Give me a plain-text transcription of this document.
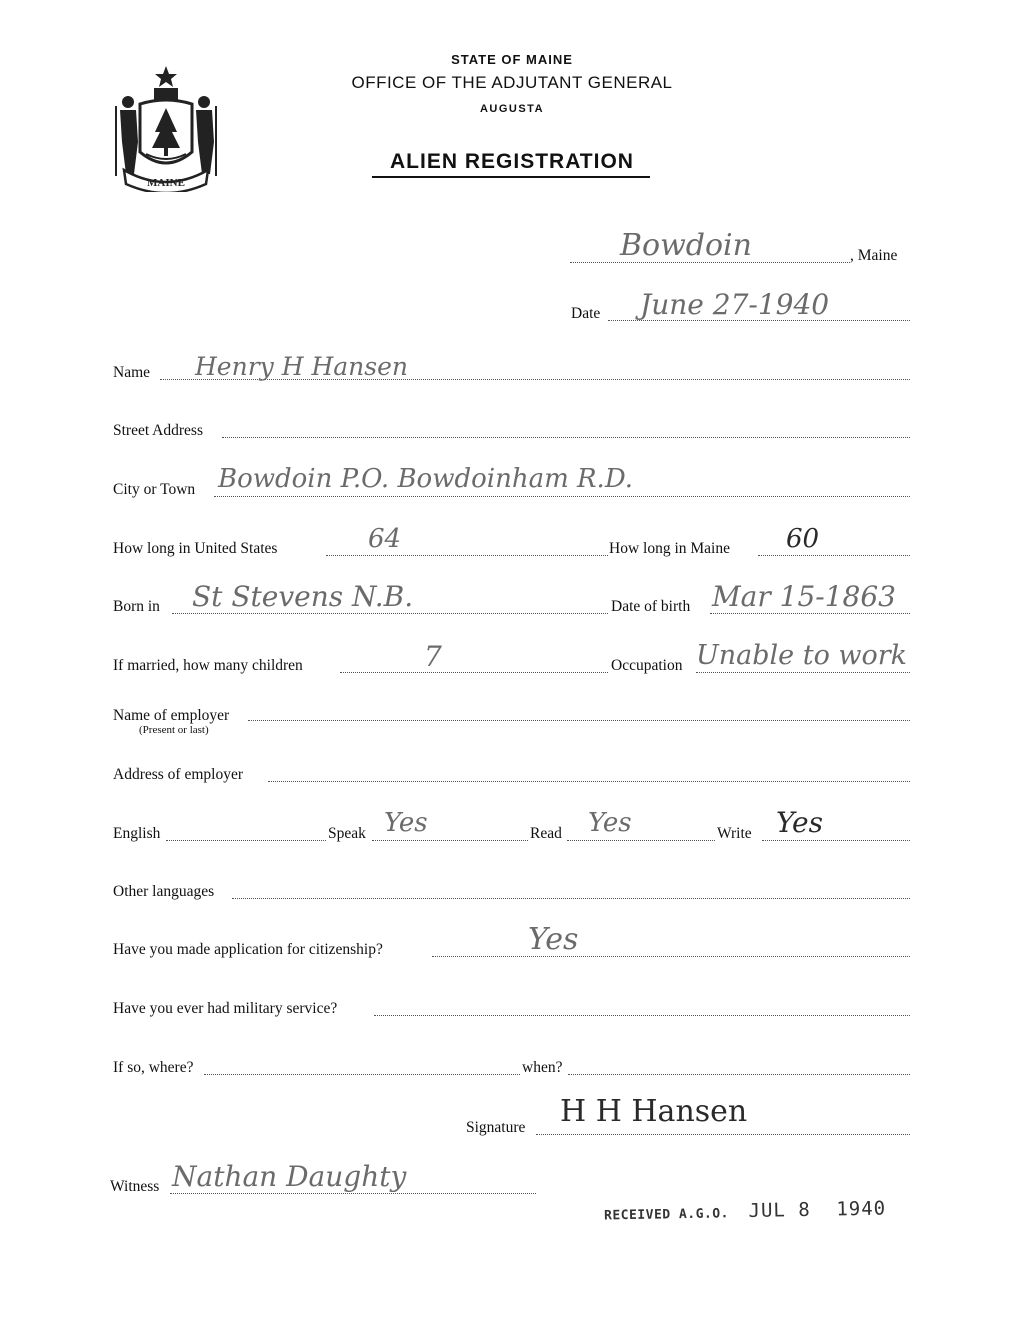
MAINE
STATE OF MAINE
OFFICE OF THE ADJUTANT GENERAL
AUGUSTA
ALIEN REGISTRATION
Bowdoin	, Maine
Date June 27-1940
Name Henry H Hansen
Street Address
City or Town Bowdoin P.O. Bowdoinham R.D.
How long in United States	64	How long in Maine 60
Born in St Stevens N.B.	Date of birth Mar 15-1863
If married, how many children	7	Occupation Unable to work
Name of employer
(Present or last)
Address of employer
English	Speak Yes	Read Yes	Write Yes
Other languages
Have you made application for citizenship?	Yes
Have you ever had military service?
If so, where?	when?
Signature H H Hansen
Witness Nathan Daughty
RECEIVED A.G.O. JUL 8 1940
